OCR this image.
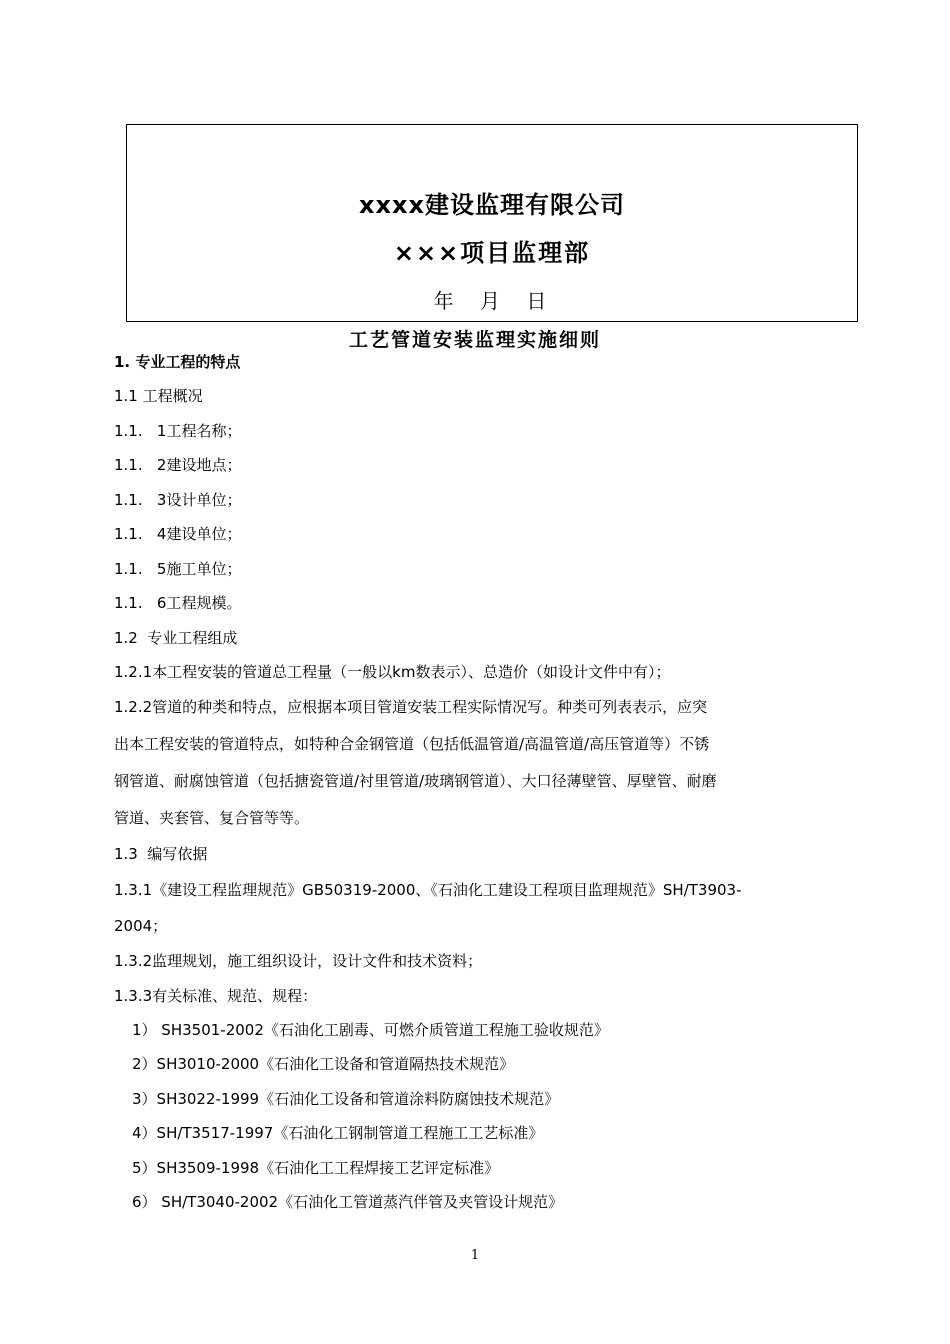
xxxx建设监理有限公司
×××项目监理部
年 月 日
工艺管道安装监理实施细则
1. 专业工程的特点
1.1 工程概况
1.1.   1工程名称；
1.1.   2建设地点；
1.1.   3设计单位；
1.1.   4建设单位；
1.1.   5施工单位；
1.1.   6工程规模。
1.2  专业工程组成
1.2.1本工程安装的管道总工程量（一般以km数表示）、总造价（如设计文件中有）；
1.2.2管道的种类和特点，应根据本项目管道安装工程实际情况写。种类可列表表示，应突
出本工程安装的管道特点，如特种合金钢管道（包括低温管道/高温管道/高压管道等）不锈
钢管道、耐腐蚀管道（包括搪瓷管道/衬里管道/玻璃钢管道）、大口径薄壁管、厚壁管、耐磨
管道、夹套管、复合管等等。
1.3  编写依据
1.3.1《建设工程监理规范》GB50319-2000、《石油化工建设工程项目监理规范》SH/T3903-
2004；
1.3.2监理规划，施工组织设计，设计文件和技术资料；
1.3.3有关标准、规范、规程：
1） SH3501-2002《石油化工剧毒、可燃介质管道工程施工验收规范》
2）SH3010-2000《石油化工设备和管道隔热技术规范》
3）SH3022-1999《石油化工设备和管道涂料防腐蚀技术规范》
4）SH/T3517-1997《石油化工钢制管道工程施工工艺标准》
5）SH3509-1998《石油化工工程焊接工艺评定标准》
6） SH/T3040-2002《石油化工管道蒸汽伴管及夹管设计规范》
1
